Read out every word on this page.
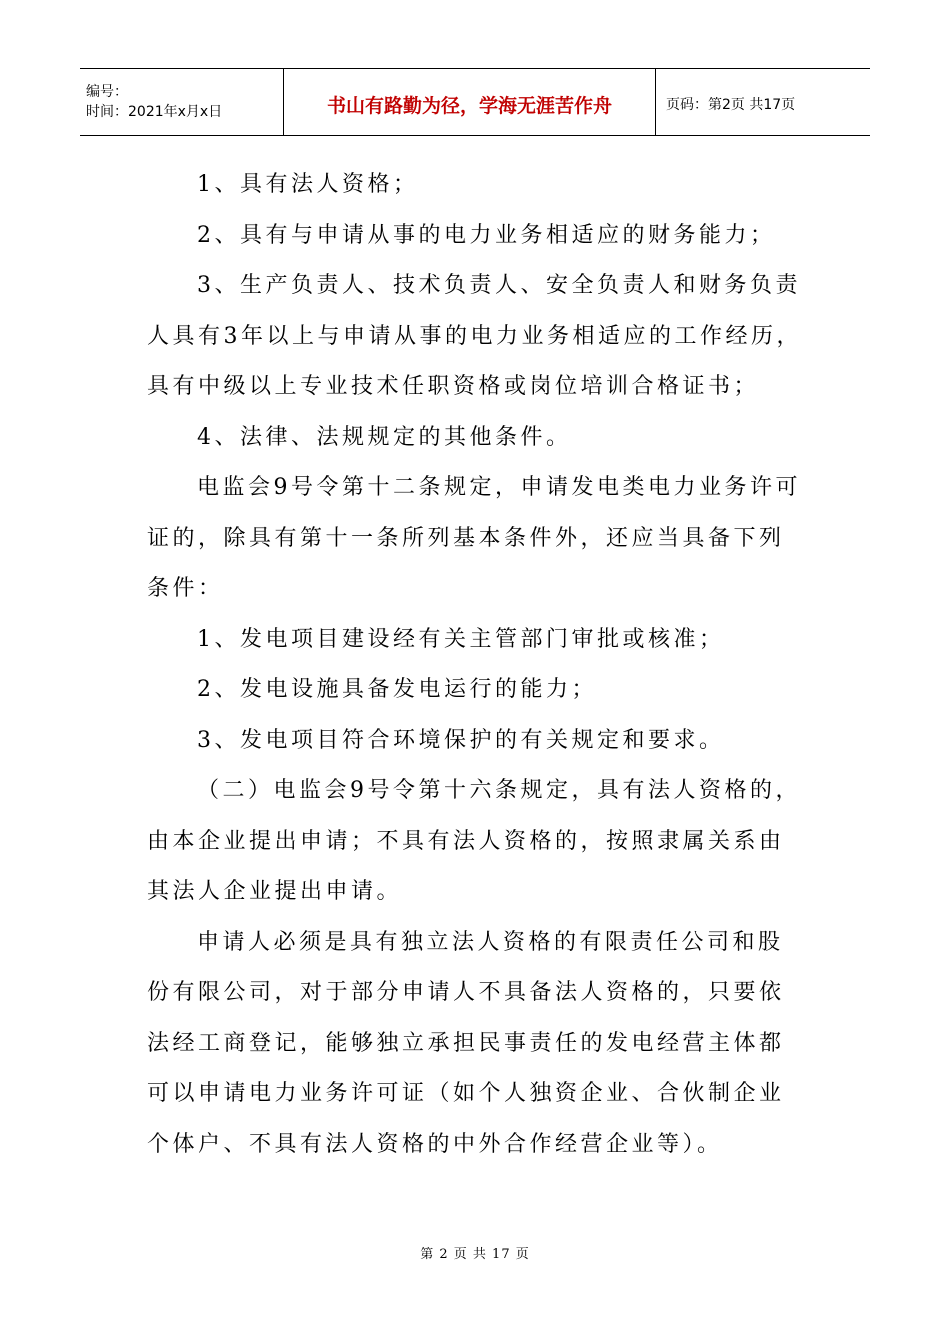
编号：
时间：2021年x月x日	书山有路勤为径，学海无涯苦作舟	页码：第2页 共17页
1、具有法人资格；
2、具有与申请从事的电力业务相适应的财务能力；
3、生产负责人、技术负责人、安全负责人和财务负责
人具有3年以上与申请从事的电力业务相适应的工作经历，
具有中级以上专业技术任职资格或岗位培训合格证书；
4、法律、法规规定的其他条件。
电监会9号令第十二条规定，申请发电类电力业务许可
证的，除具有第十一条所列基本条件外，还应当具备下列
条件：
1、发电项目建设经有关主管部门审批或核准；
2、发电设施具备发电运行的能力；
3、发电项目符合环境保护的有关规定和要求。
（二）电监会9号令第十六条规定，具有法人资格的，
由本企业提出申请；不具有法人资格的，按照隶属关系由
其法人企业提出申请。
申请人必须是具有独立法人资格的有限责任公司和股
份有限公司，对于部分申请人不具备法人资格的，只要依
法经工商登记，能够独立承担民事责任的发电经营主体都
可以申请电力业务许可证（如个人独资企业、合伙制企业
个体户、不具有法人资格的中外合作经营企业等）。
第 2 页 共 17 页
